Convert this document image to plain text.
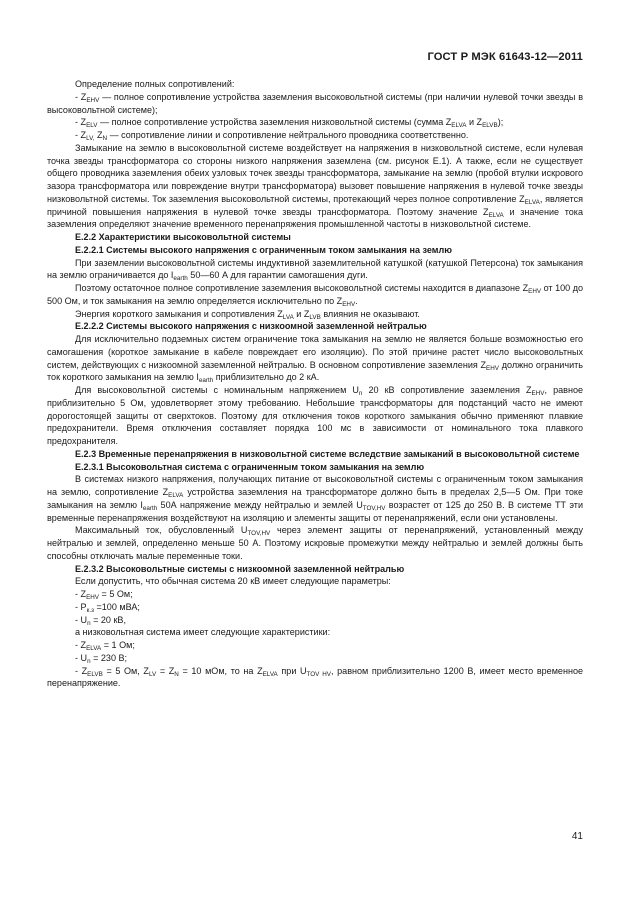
ГОСТ Р МЭК 61643-12—2011

Определение полных сопротивлений:

- $Z_{EHV}$ — полное сопротивление устройства заземления высоковольтной системы (при наличии нулевой точки звезды в высоковольтной системе);

- $Z_{ELV}$ — полное сопротивление устройства заземления низковольтной системы (сумма $Z_{ELVA}$ и $Z_{ELVB}$);

- $Z_{LV,}$ $Z_N$ — сопротивление линии и сопротивление нейтрального проводника соответственно.

Замыкание на землю в высоковольтной системе воздействует на напряжения в низковольтной системе, если нулевая точка звезды трансформатора со стороны низкого напряжения заземлена (см. рисунок Е.1). А также, если не существует общего проводника заземления обеих узловых точек звезды трансформатора, замыкание на землю (пробой втулки искрового зазора трансформатора или повреждение внутри трансформатора) вызовет повышение напряжения в нулевой точке звезды низковольтной системы. Ток заземления высоковольтной системы, протекающий через полное сопротивление $Z_{ELVA}$, является причиной повышения напряжения в нулевой точке звезды трансформатора. Поэтому значение $Z_{ELVA}$ и значение тока заземления определяют значение временного перенапряжения промышленной частоты в низковольтной системе.

Е.2.2 Характеристики высоковольтной системы

Е.2.2.1 Системы высокого напряжения с ограниченным током замыкания на землю

При заземлении высоковольтной системы индуктивной заземлительной катушкой (катушкой Петерсона) ток замыкания на землю ограничивается до $I_{earth}$ 50—60 А для гарантии самогашения дуги.

Поэтому остаточное полное сопротивление заземления высоковольтной системы находится в диапазоне $Z_{EHV}$ от 100 до 500 Ом, и ток замыкания на землю определяется исключительно по $Z_{EHV}$.

Энергия короткого замыкания и сопротивления $Z_{LVA}$ и $Z_{LVB}$ влияния не оказывают.

Е.2.2.2 Системы высокого напряжения с низкоомной заземленной нейтралью

Для исключительно подземных систем ограничение тока замыкания на землю не является больше возможностью его самогашения (короткое замыкание в кабеле повреждает его изоляцию). По этой причине растет число высоковольтных систем, действующих с низкоомной заземленной нейтралью. В основном сопротивление заземления $Z_{EHV}$ должно ограничить ток короткого замыкания на землю $I_{earth}$ приблизительно до 2 кА.

Для высоковольтной системы с номинальным напряжением $U_n$ 20 кВ сопротивление заземления $Z_{EHV}$, равное приблизительно 5 Ом, удовлетворяет этому требованию. Небольшие трансформаторы для подстанций часто не имеют дорогостоящей защиты от сверхтоков. Поэтому для отключения токов короткого замыкания обычно применяют плавкие предохранители. Время отключения составляет порядка 100 мс в зависимости от номинального тока плавкого предохранителя.

Е.2.3 Временные перенапряжения в низковольтной системе вследствие замыканий в высоковольтной системе

Е.2.3.1 Высоковольтная система с ограниченным током замыкания на землю

В системах низкого напряжения, получающих питание от высоковольтной системы с ограниченным током замыкания на землю, сопротивление $Z_{ELVA}$ устройства заземления на трансформаторе должно быть в пределах 2,5—5 Ом. При токе замыкания на землю $I_{earth}$ 50А напряжение между нейтралью и землей $U_{TOV,HV}$ возрастет от 125 до 250 В. В системе ТТ эти временные перенапряжения воздействуют на изоляцию и элементы защиты от перенапряжений, если они установлены.

Максимальный ток, обусловленный $U_{TOV,HV}$ через элемент защиты от перенапряжений, установленный между нейтралью и землей, определенно меньше 50 А. Поэтому искровые промежутки между нейтралью и землей должны быть способны отключать малые переменные токи.

Е.2.3.2 Высоковольтные системы с низкоомной заземленной нейтралью

Если допустить, что обычная система 20 кВ имеет следующие параметры:

- $Z_{EHV} = 5$ Ом;

- $P_{к.з} =100$ мВА;

- $U_n = 20$ кВ,

а низковольтная система имеет следующие характеристики:

- $Z_{ELVA} = 1$ Ом;

- $U_n = 230$ В;

- $Z_{ELVB} = 5$ Ом, $Z_{LV} = Z_N = 10$ мОм, то на $Z_{ELVA}$ при $U_{TOV HV}$, равном приблизительно 1200 В, имеет место временное перенапряжение.

41
